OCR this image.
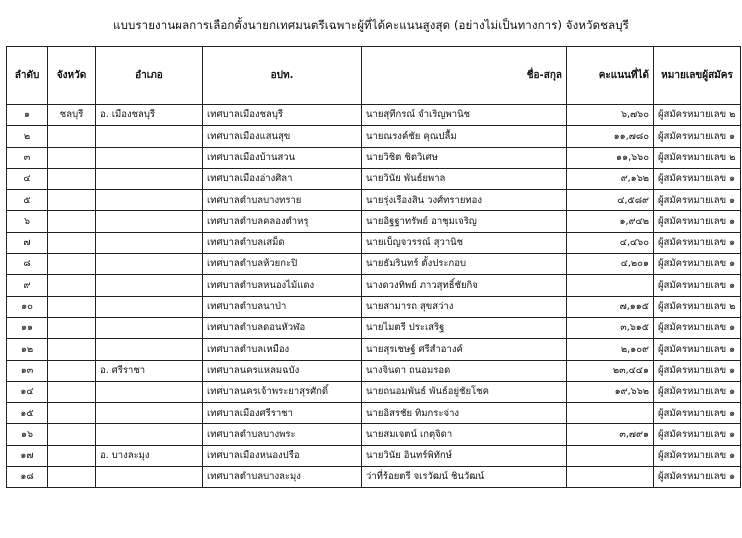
แบบรายงานผลการเลือกตั้งนายกเทศมนตรีเฉพาะผู้ที่ได้คะแนนสูงสุด (อย่างไม่เป็นทางการ) จังหวัดชลบุรี
ลำดับ	จังหวัด	อำเภอ	อปท.	ชื่อ-สกุล	คะแนนที่ได้	หมายเลขผู้สมัคร
๑	ชลบุรี	อ. เมืองชลบุรี	เทศบาลเมืองชลบุรี	นายสุทีกรณ์ จำเริญพานิช	๖,๗๖๐	ผู้สมัครหมายเลข ๒
๒			เทศบาลเมืองแสนสุข	นายณรงค์ชัย คุณปลื้ม	๑๑,๗๘๐	ผู้สมัครหมายเลข ๑
๓			เทศบาลเมืองบ้านสวน	นายวิชิต ชิตวิเศษ	๑๑,๖๖๐	ผู้สมัครหมายเลข ๒
๔			เทศบาลเมืองอ่างศิลา	นายวินัย พันธ์ยพาล	๙,๑๖๒	ผู้สมัครหมายเลข ๑
๕			เทศบาลตำบลบางทราย	นายรุ่งเรืองสิน วงศ์ทรายทอง	๔,๕๘๙	ผู้สมัครหมายเลข ๑
๖			เทศบาลตำบลคลองตำหรุ	นายอิฐฐาทรัพย์ อาชุมเจริญ	๑,๙๔๒	ผู้สมัครหมายเลข ๑
๗			เทศบาลตำบลเสม็ด	นายเบ็ญจวรรณ์ สุวานิช	๔,๔๖๐	ผู้สมัครหมายเลข ๑
๘			เทศบาลตำบลห้วยกะปิ	นายธัมรินทร์ ตั้งประกอบ	๔,๒๐๑	ผู้สมัครหมายเลข ๑
๙			เทศบาลตำบลหนองไม้แดง	นางดวงทิพย์ ภาวสุทธิ์ชัยกิจ		ผู้สมัครหมายเลข ๑
๑๐			เทศบาลตำบลนาป่า	นายสามารถ สุขสว่าง	๗,๑๑๕	ผู้สมัครหมายเลข ๒
๑๑			เทศบาลตำบลดอนหัวฬ่อ	นายไมตรี ประเสริฐ	๓,๖๑๕	ผู้สมัครหมายเลข ๑
๑๒			เทศบาลตำบลเหมือง	นายสุรเชษฐ์ ศรีสำอางค์	๒,๑๐๙	ผู้สมัครหมายเลข ๑
๑๓		อ. ศรีราชา	เทศบาลนครแหลมฉบัง	นางจินดา ถนอมรอด	๒๓,๔๔๑	ผู้สมัครหมายเลข ๑
๑๔			เทศบาลนครเจ้าพระยาสุรศักดิ์	นายถนอมพันธ์ พันธ์อยู่ชัยโชค	๑๙,๖๖๒	ผู้สมัครหมายเลข ๑
๑๕			เทศบาลเมืองศรีราชา	นายอิสรชัย ทิมกระจ่าง		ผู้สมัครหมายเลข ๑
๑๖			เทศบาลตำบลบางพระ	นายสมเจตน์ เกตุจิดา	๓,๗๙๑	ผู้สมัครหมายเลข ๑
๑๗		อ. บางละมุง	เทศบาลเมืองหนองปรือ	นายวินัย อินทร์พิทักษ์		ผู้สมัครหมายเลข ๑
๑๘			เทศบาลตำบลบางละมุง	ว่าที่ร้อยตรี จเรวัฒน์ ชินวัฒน์		ผู้สมัครหมายเลข ๑
